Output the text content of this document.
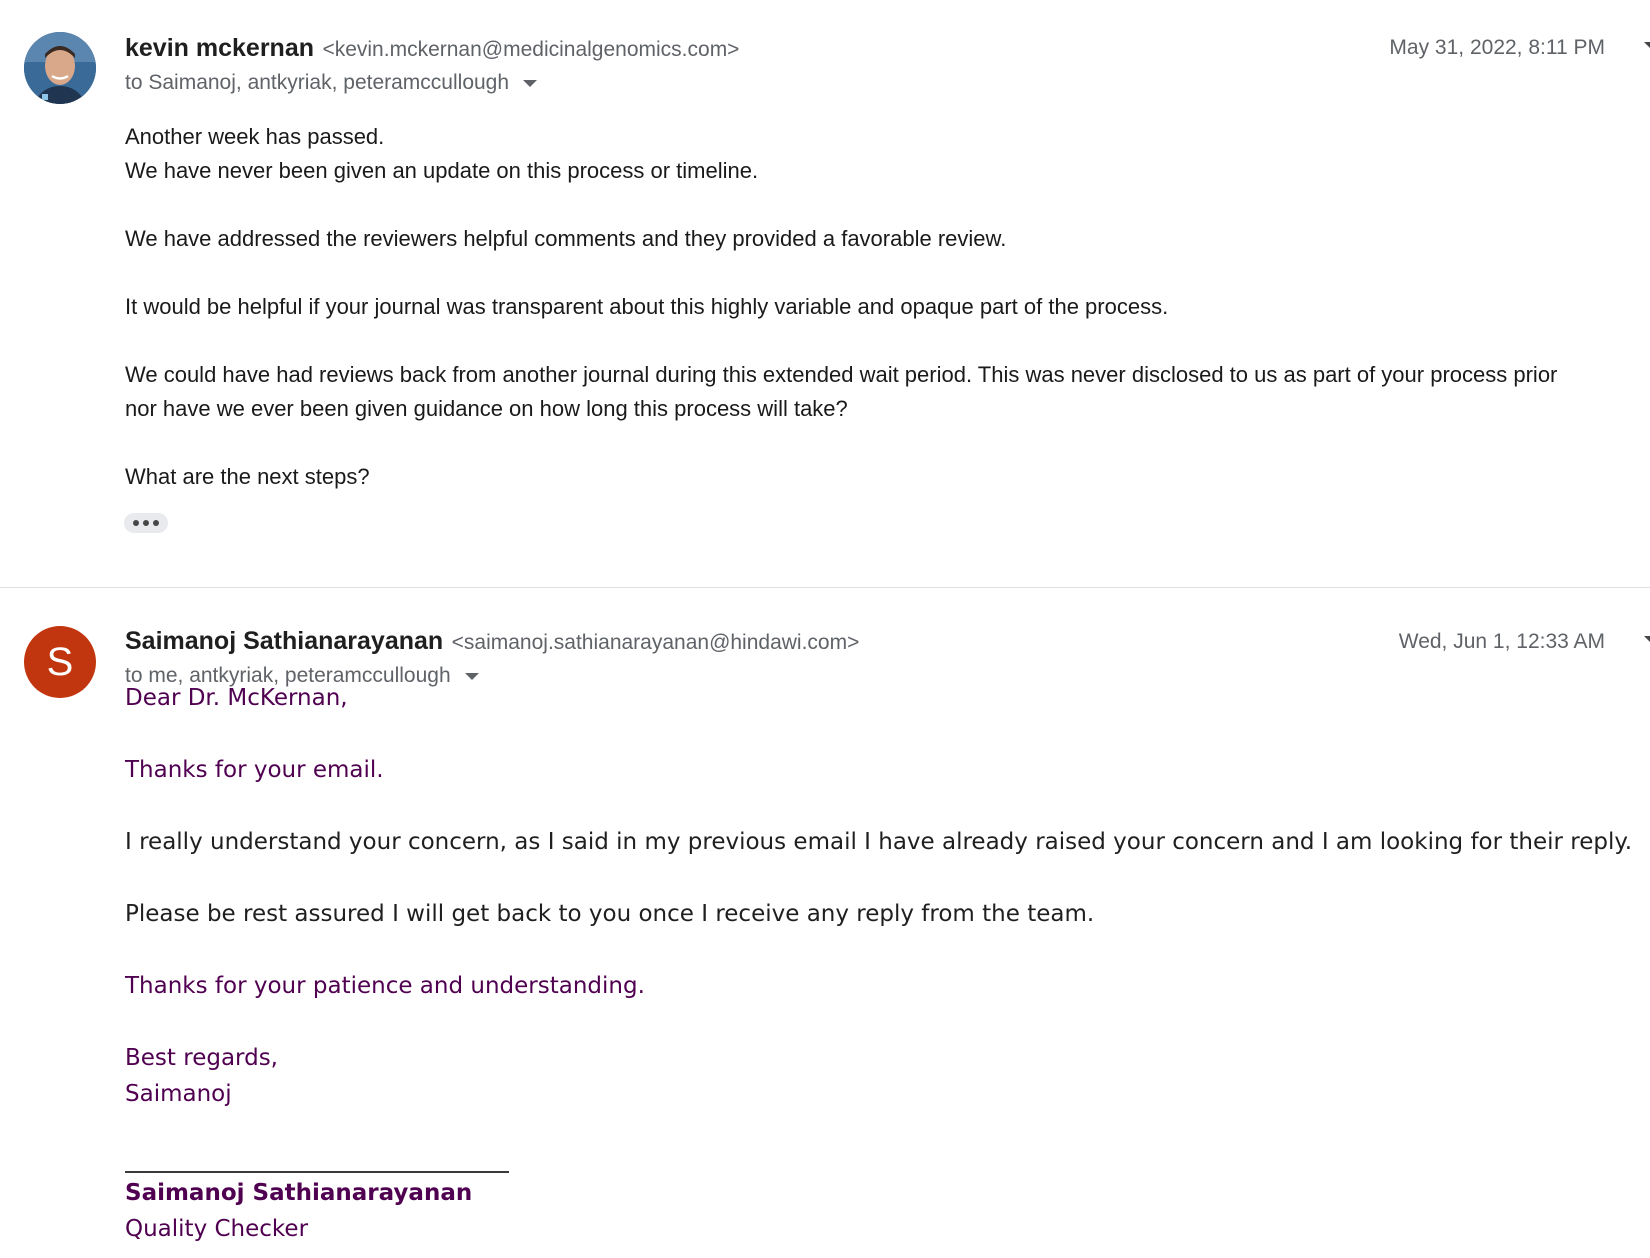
kevin mckernan <kevin.mckernan@medicinalgenomics.com>
to Saimanoj, antkyriak, peteramccullough
May 31, 2022, 8:11 PM

Another week has passed.
We have never been given an update on this process or timeline.

We have addressed the reviewers helpful comments and they provided a favorable review.

It would be helpful if your journal was transparent about this highly variable and opaque part of the process.

We could have had reviews back from another journal during this extended wait period. This was never disclosed to us as part of your process prior
nor have we ever been given guidance on how long this process will take?

What are the next steps?

S	Saimanoj Sathianarayanan <saimanoj.sathianarayanan@hindawi.com>
to me, antkyriak, peteramccullough
Wed, Jun 1, 12:33 AM
Dear Dr. McKernan,
Thanks for your email.
I really understand your concern, as I said in my previous email I have already raised your concern and I am looking for their reply.
Please be rest assured I will get back to you once I receive any reply from the team.
Thanks for your patience and understanding.
Best regards,
Saimanoj
Saimanoj Sathianarayanan
Quality Checker
